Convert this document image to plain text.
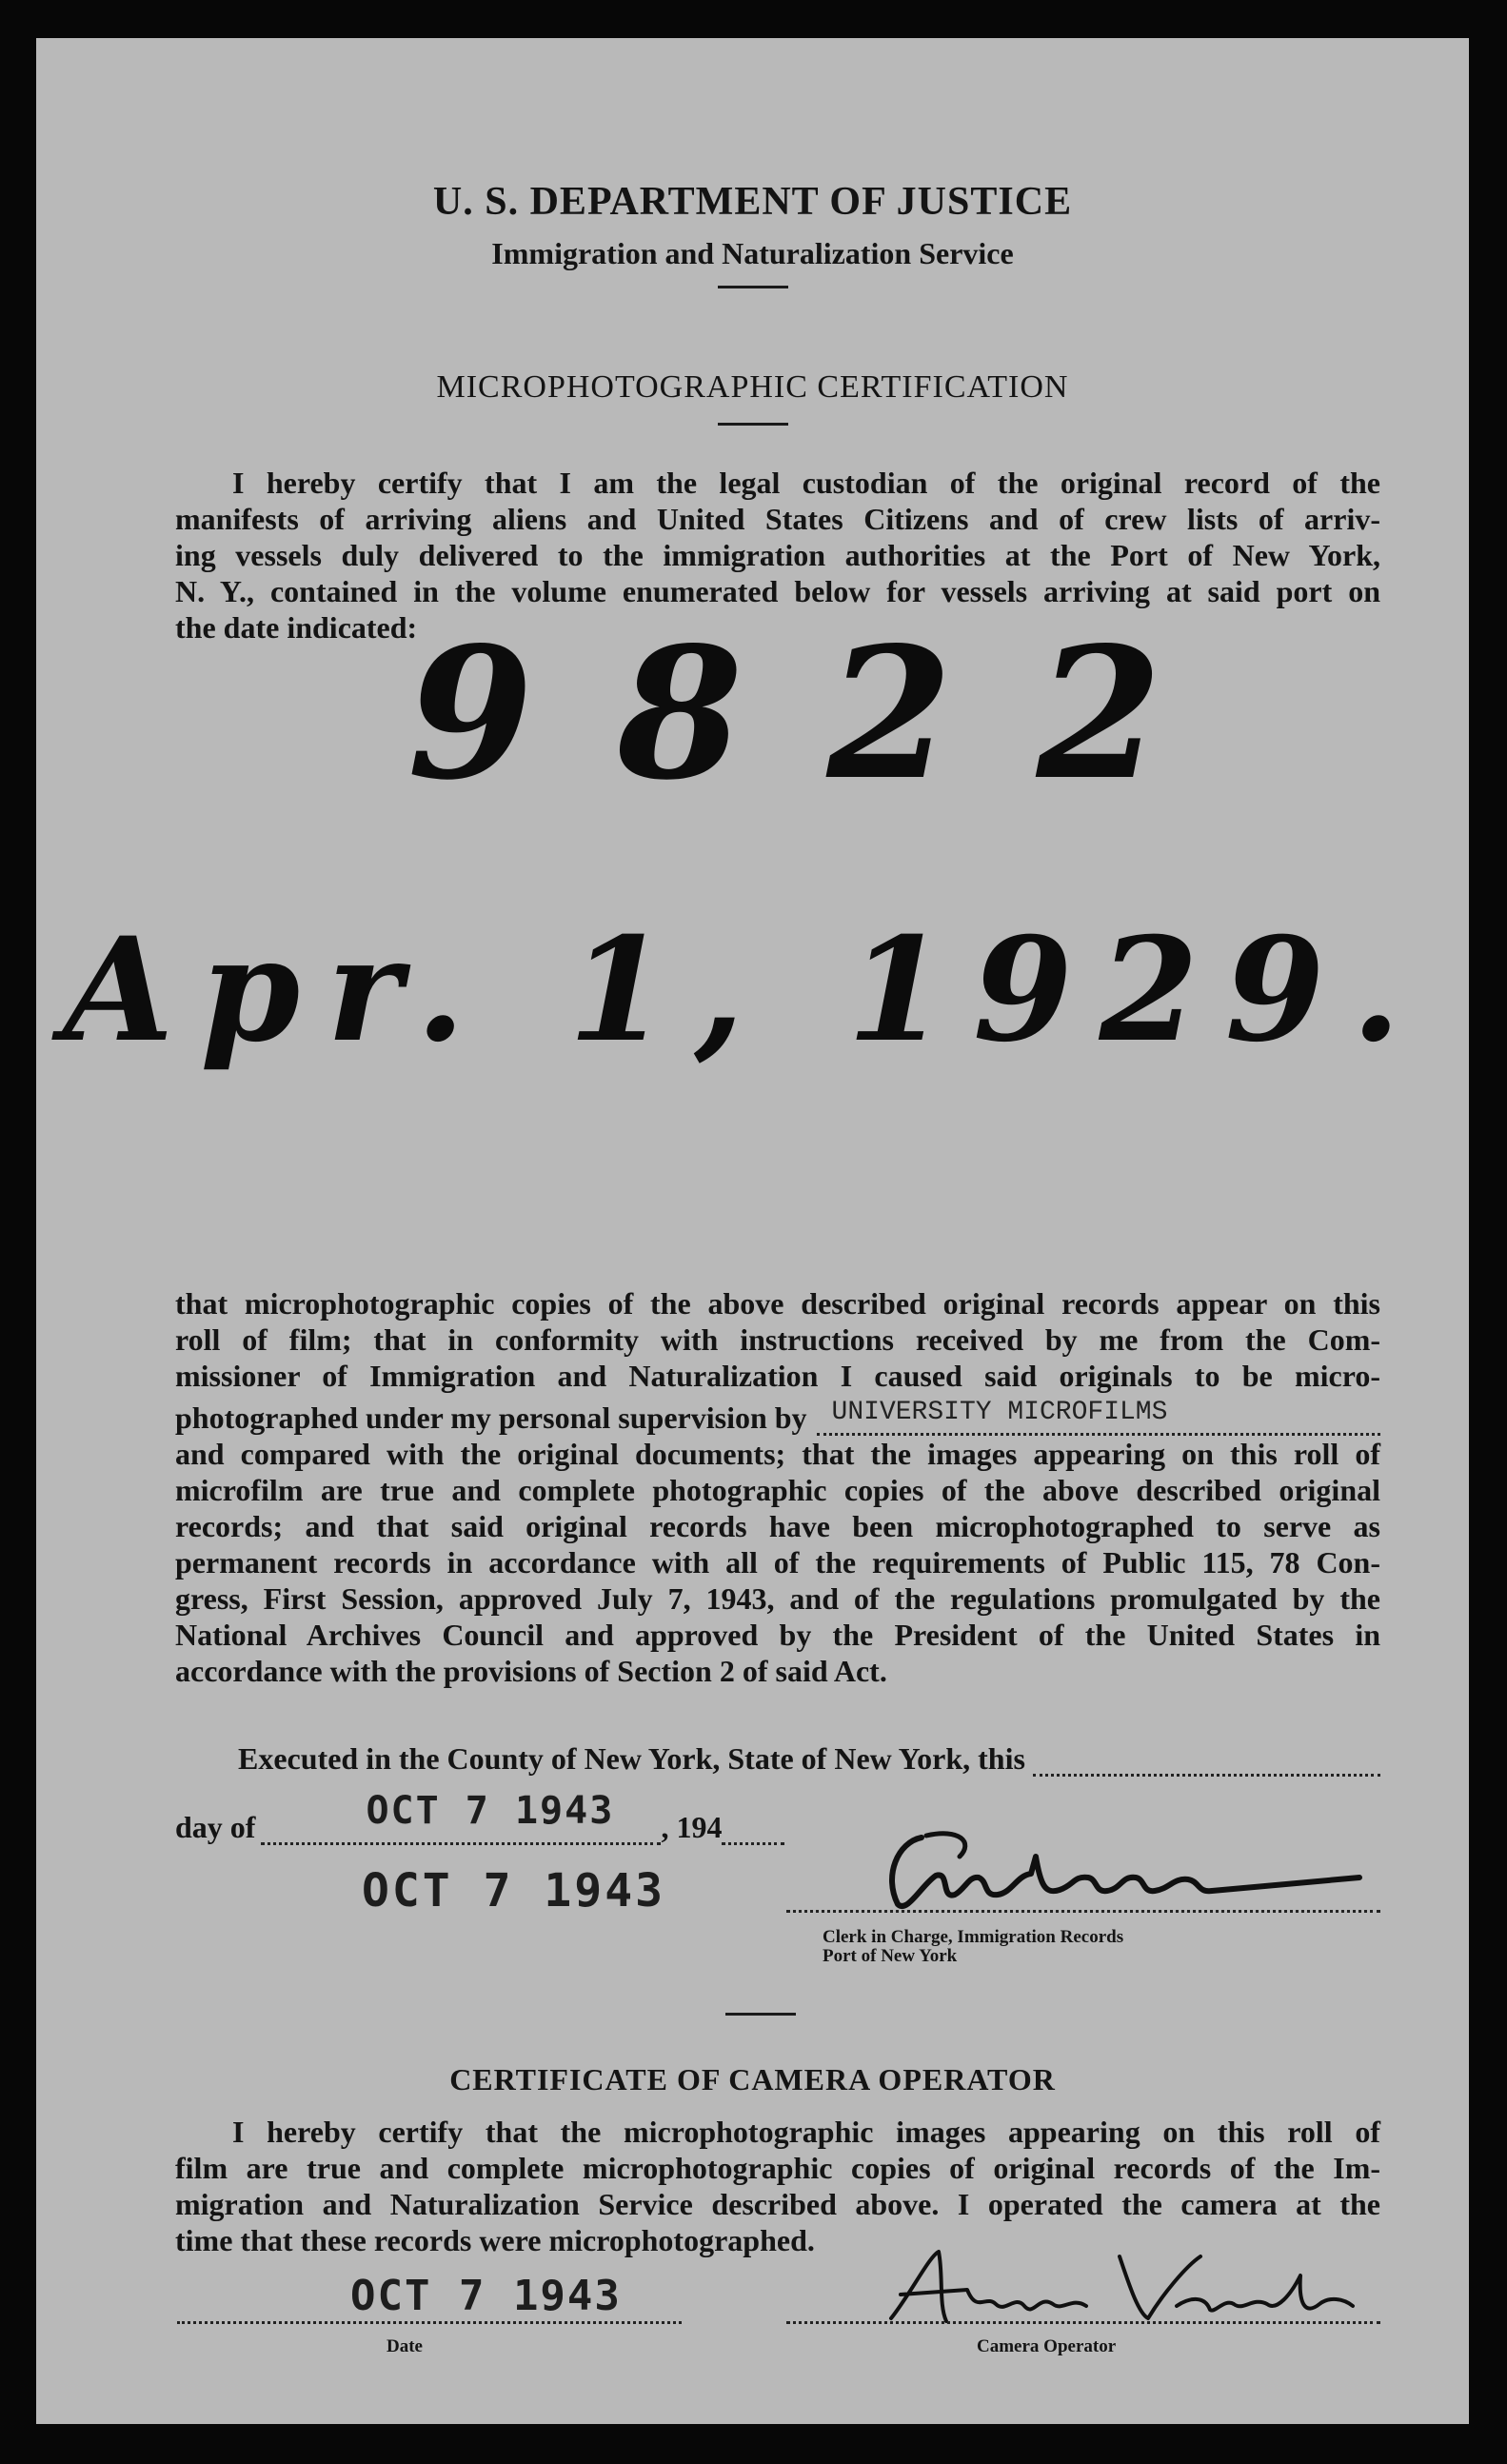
U. S. DEPARTMENT OF JUSTICE
Immigration and Naturalization Service
MICROPHOTOGRAPHIC CERTIFICATION
I hereby certify that I am the legal custodian of the original record of the
manifests of arriving aliens and United States Citizens and of crew lists of arriv-
ing vessels duly delivered to the immigration authorities at the Port of New York,
N. Y., contained in the volume enumerated below for vessels arriving at said port on
the date indicated:
9822
Apr. 1, 1929.
that microphotographic copies of the above described original records appear on this
roll of film; that in conformity with instructions received by me from the Com-
missioner of Immigration and Naturalization I caused said originals to be micro-
photographed under my personal supervision by UNIVERSITY MICROFILMS
and compared with the original documents; that the images appearing on this roll of
microfilm are true and complete photographic copies of the above described original
records; and that said original records have been microphotographed to serve as
permanent records in accordance with all of the requirements of Public 115, 78 Con-
gress, First Session, approved July 7, 1943, and of the regulations promulgated by the
National Archives Council and approved by the President of the United States in
accordance with the provisions of Section 2 of said Act.
Executed in the County of New York, State of New York, this
day of	OCT 7 1943 , 194
OCT 7 1943
Clerk in Charge, Immigration Records
Port of New York
CERTIFICATE OF CAMERA OPERATOR
I hereby certify that the microphotographic images appearing on this roll of
film are true and complete microphotographic copies of original records of the Im-
migration and Naturalization Service described above. I operated the camera at the
time that these records were microphotographed.
OCT 7 1943
Date	Camera Operator
